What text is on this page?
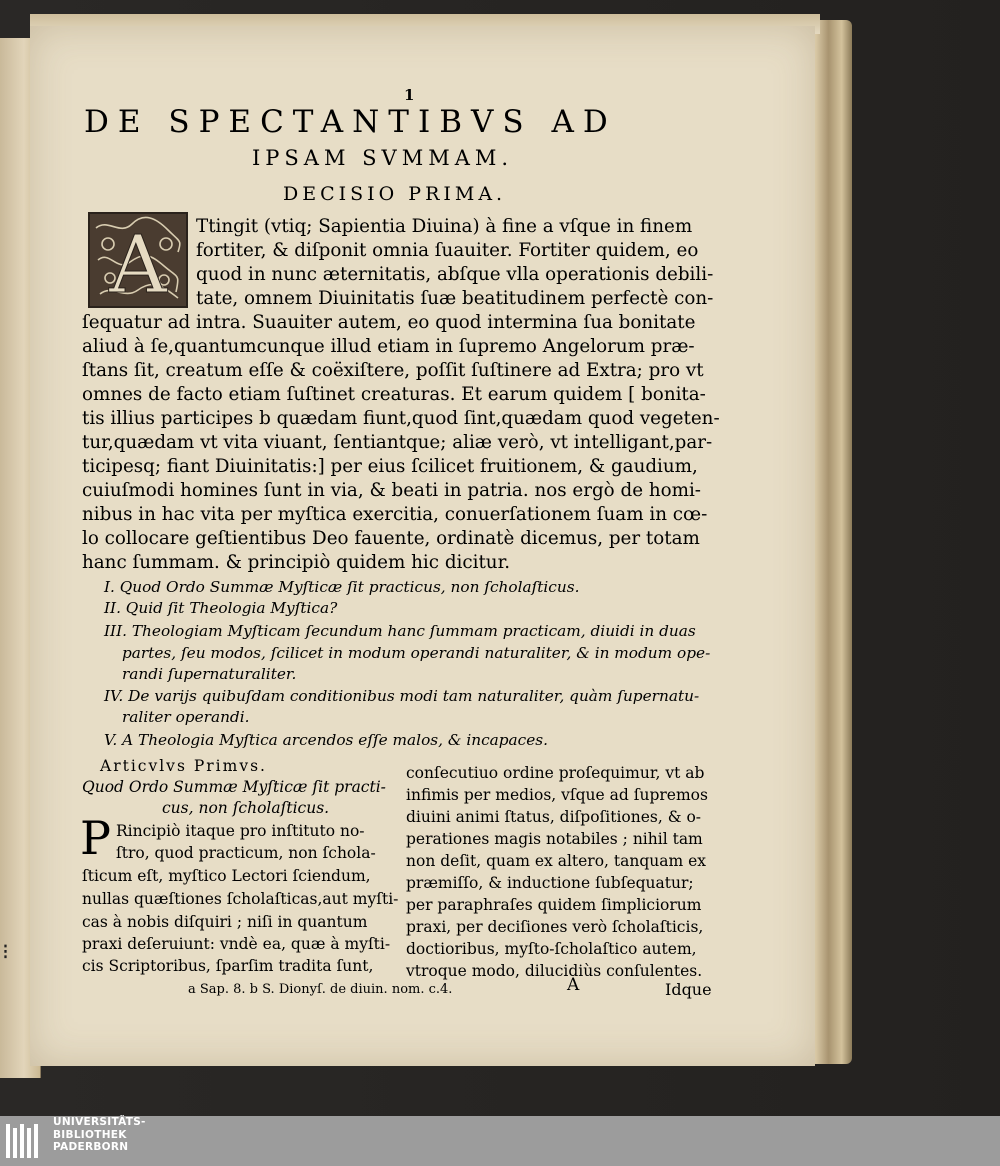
1
DE SPECTANTIBVS AD
IPSAM SVMMAM.
DECISIO PRIMA.
A Ttingit (vtiq; Sapientia Diuina) à fine a vſque in finem
fortiter, & diſponit omnia ſuauiter. Fortiter quidem, eo
quod in nunc æternitatis, abſque vlla operationis debili-
tate, omnem Diuinitatis ſuæ beatitudinem perfectè con-
ſequatur ad intra. Suauiter autem, eo quod intermina ſua bonitate
aliud à ſe,quantumcunque illud etiam in ſupremo Angelorum præ-
ſtans ſit, creatum eſſe & coëxiſtere, poſſit ſuſtinere ad Extra; pro vt
omnes de facto etiam ſuſtinet creaturas. Et earum quidem [ bonita-
tis illius participes b quædam fiunt,quod ſint,quædam quod vegeten-
tur,quædam vt vita viuant, ſentiantque; aliæ verò, vt intelligant,par-
ticipesq; fiant Diuinitatis:] per eius ſcilicet fruitionem, & gaudium,
cuiuſmodi homines ſunt in via, & beati in patria. nos ergò de homi-
nibus in hac vita per myſtica exercitia, conuerſationem ſuam in cœ-
lo collocare geſtientibus Deo fauente, ordinatè dicemus, per totam
hanc ſummam. & principiò quidem hic dicitur.
I. Quod Ordo Summæ Myſticæ ſit practicus, non ſcholaſticus.
II. Quid ſit Theologia Myſtica?
III. Theologiam Myſticam ſecundum hanc ſummam practicam, diuidi in duas
partes, ſeu modos, ſcilicet in modum operandi naturaliter, & in modum ope-
randi ſupernaturaliter.
IV. De varijs quibuſdam conditionibus modi tam naturaliter, quàm ſupernatu-
raliter operandi.
V. A Theologia Myſtica arcendos eſſe malos, & incapaces.
Articvlvs Primvs.
Quod Ordo Summæ Myſticæ ſit practi-
cus, non ſcholaſticus.
P Rincipiò itaque pro inſtituto no-
ſtro, quod practicum, non ſchola-
ſticum eſt, myſtico Lectori ſciendum,
nullas quæſtiones ſcholaſticas,aut myſti-
cas à nobis diſquiri ; niſi in quantum
praxi deſeruiunt: vndè ea, quæ à myſti-
cis Scriptoribus, ſparſim tradita ſunt,
conſecutiuo ordine proſequimur, vt ab
infimis per medios, vſque ad ſupremos
diuini animi ſtatus, diſpoſitiones, & o-
perationes magis notabiles ; nihil tam
non deſit, quam ex altero, tanquam ex
præmiſſo, & inductione ſubſequatur;
per paraphraſes quidem ſimpliciorum
praxi, per deciſiones verò ſcholaſticis,
doctioribus, myſto-ſcholaſtico autem,
vtroque modo, dilucidiùs conſulentes.
a Sap. 8. b S. Dionyſ. de diuin. nom. c.4.	A	Idque
⁝
UNIVERSITÄTS-
BIBLIOTHEK
PADERBORN
